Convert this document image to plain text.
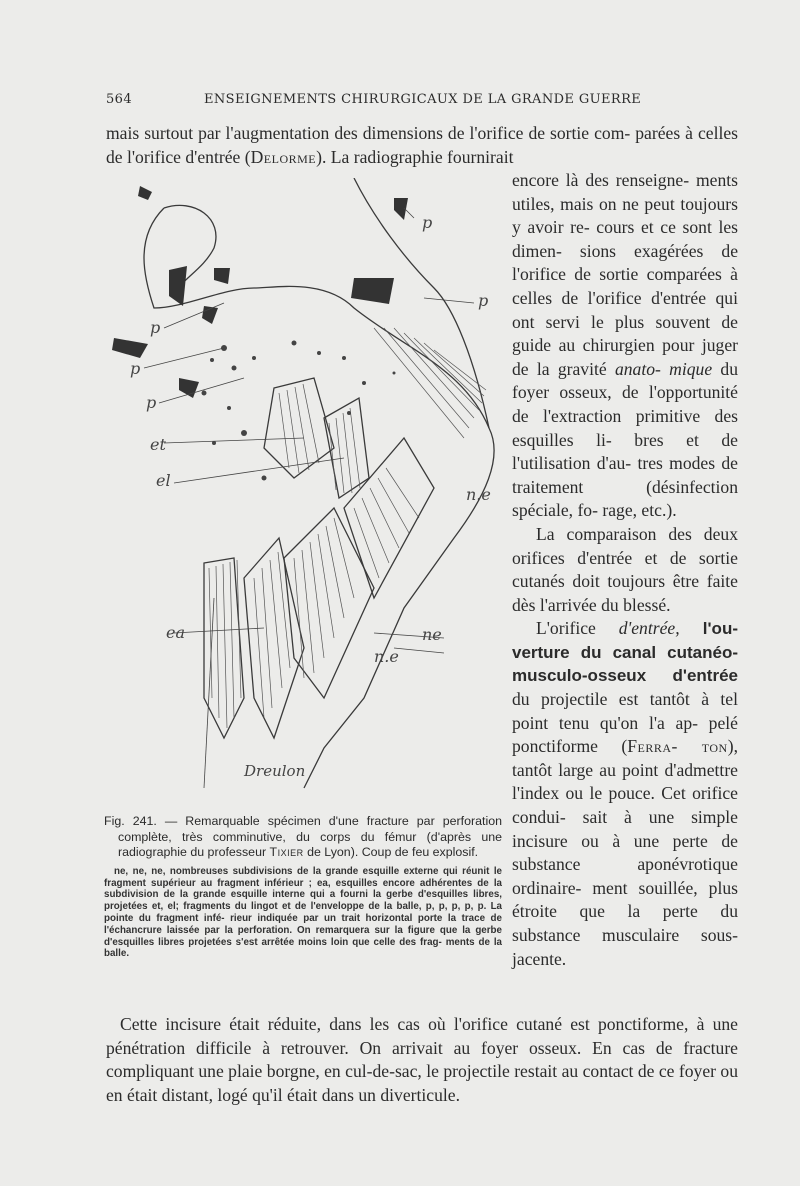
564	ENSEIGNEMENTS CHIRURGICAUX DE LA GRANDE GUERRE
mais surtout par l'augmentation des dimensions de l'orifice de sortie com- parées à celles de l'orifice d'entrée (Delorme). La radiographie fournirait

encore là des renseigne- ments utiles, mais on ne peut toujours y avoir re- cours et ce sont les dimen- sions exagérées de l'orifice de sortie comparées à celles de l'orifice d'entrée qui ont servi le plus souvent de guide au chirurgien pour juger de la gravité anato- mique du foyer osseux, de l'opportunité de l'extraction primitive des esquilles li- bres et de l'utilisation d'au- tres modes de traitement (désinfection spéciale, fo- rage, etc.).

La comparaison des deux orifices d'entrée et de sortie cutanés doit toujours être faite dès l'arrivée du blessé.

L'orifice d'entrée, l'ou- verture du canal cutanéo- musculo-osseux d'entrée du projectile est tantôt à tel point tenu qu'on l'a ap- pelé ponctiforme (Ferra- ton), tantôt large au point d'admettre l'index ou le pouce. Cet orifice condui- sait à une simple incisure ou à une perte de substance aponévrotique ordinaire- ment souillée, plus étroite que la perte du substance musculaire sous-jacente.

p
p
p
p
p
et
el
n.e
ea	ne
n.e
Dreulon
Fig. 241. — Remarquable spécimen d'une fracture par perforation complète, très comminutive, du corps du fémur (d'après une radiographie du professeur Tixier de Lyon). Coup de feu explosif.
ne, ne, ne, nombreuses subdivisions de la grande esquille externe qui réunit le fragment supérieur au fragment inférieur ; ea, esquilles encore adhérentes de la subdivision de la grande esquille interne qui a fourni la gerbe d'esquilles libres, projetées et, el; fragments du lingot et de l'enveloppe de la balle, p, p, p, p, p. La pointe du fragment infé- rieur indiquée par un trait horizontal porte la trace de l'échancrure laissée par la perforation. On remarquera sur la figure que la gerbe d'esquilles libres projetées s'est arrêtée moins loin que celle des frag- ments de la balle.
Cette incisure était réduite, dans les cas où l'orifice cutané est ponctiforme, à une pénétration difficile à retrouver. On arrivait au foyer osseux. En cas de fracture compliquant une plaie borgne, en cul-de-sac, le projectile restait au contact de ce foyer ou en était distant, logé qu'il était dans un diverticule.
